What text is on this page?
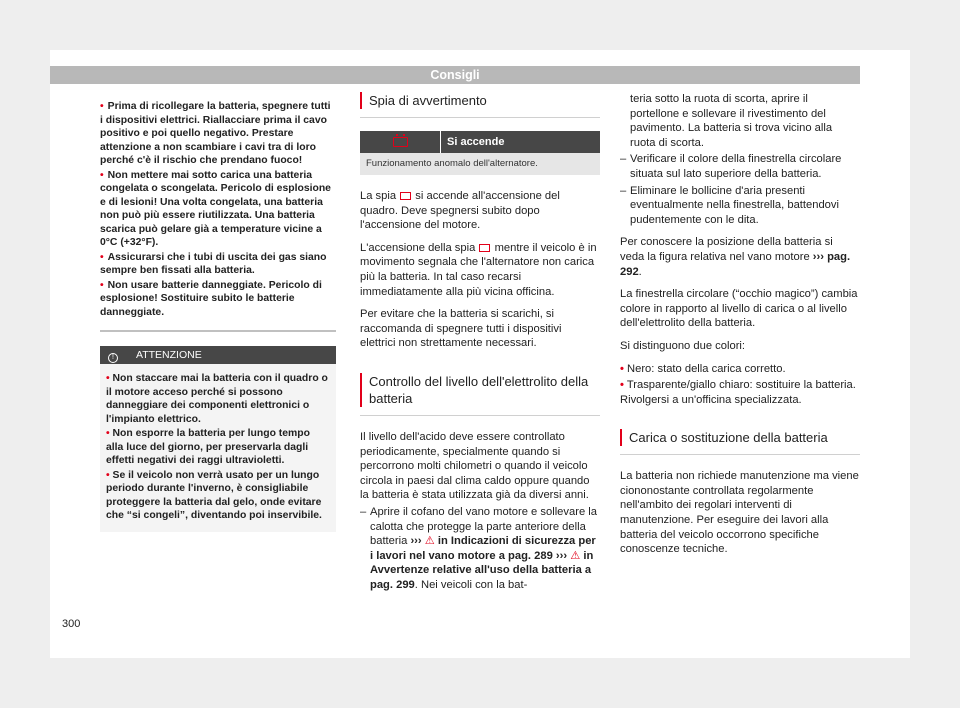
Consigli

• Prima di ricollegare la batteria, spegnere tutti i dispositivi elettrici. Riallacciare prima il cavo positivo e poi quello negativo. Prestare attenzione a non scambiare i cavi tra di loro perché c'è il rischio che prendano fuoco!

• Non mettere mai sotto carica una batteria congelata o scongelata. Pericolo di esplosione e di lesioni! Una volta congelata, una batteria non può più essere riutilizzata. Una batteria scarica può gelare già a temperature vicine a 0°C (+32°F).

• Assicurarsi che i tubi di uscita dei gas siano sempre ben fissati alla batteria.

• Non usare batterie danneggiate. Pericolo di esplosione! Sostituire subito le batterie danneggiate.

! ATTENZIONE

• Non staccare mai la batteria con il quadro o il motore acceso perché si possono danneggiare dei componenti elettronici o l'impianto elettrico.

• Non esporre la batteria per lungo tempo alla luce del giorno, per preservarla dagli effetti negativi dei raggi ultravioletti.

• Se il veicolo non verrà usato per un lungo periodo durante l'inverno, è consigliabile proteggere la batteria dal gelo, onde evitare che “si congeli”, diventando poi inservibile.

Spia di avvertimento
Si accende
Funzionamento anomalo dell'alternatore.

La spia si accende all'accensione del quadro. Deve spegnersi subito dopo l'accensione del motore.

L'accensione della spia mentre il veicolo è in movimento segnala che l'alternatore non carica più la batteria. In tal caso recarsi immediatamente alla più vicina officina.

Per evitare che la batteria si scarichi, si raccomanda di spegnere tutti i dispositivi elettrici non strettamente necessari.

Controllo del livello dell'elettrolito della batteria

Il livello dell'acido deve essere controllato periodicamente, specialmente quando si percorrono molti chilometri o quando il veicolo circola in paesi dal clima caldo oppure quando la batteria è stata utilizzata già da diversi anni.

– Aprire il cofano del vano motore e sollevare la calotta che protegge la parte anteriore della batteria ››› ⚠ in Indicazioni di sicurezza per i lavori nel vano motore a pag. 289 ››› ⚠ in Avvertenze relative all'uso della batteria a pag. 299. Nei veicoli con la bat-

teria sotto la ruota di scorta, aprire il portellone e sollevare il rivestimento del pavimento. La batteria si trova vicino alla ruota di scorta.

– Verificare il colore della finestrella circolare situata sul lato superiore della batteria.

– Eliminare le bollicine d'aria presenti eventualmente nella finestrella, battendovi pudentemente con le dita.

Per conoscere la posizione della batteria si veda la figura relativa nel vano motore ››› pag. 292.

La finestrella circolare (“occhio magico”) cambia colore in rapporto al livello di carica o al livello dell'elettrolito della batteria.

Si distinguono due colori:

• Nero: stato della carica corretto.

• Trasparente/giallo chiaro: sostituire la batteria. Rivolgersi a un'officina specializzata.

Carica o sostituzione della batteria

La batteria non richiede manutenzione ma viene ciononostante controllata regolarmente nell'ambito dei regolari interventi di manutenzione. Per eseguire dei lavori alla batteria del veicolo occorrono specifiche conoscenze tecniche.

300
